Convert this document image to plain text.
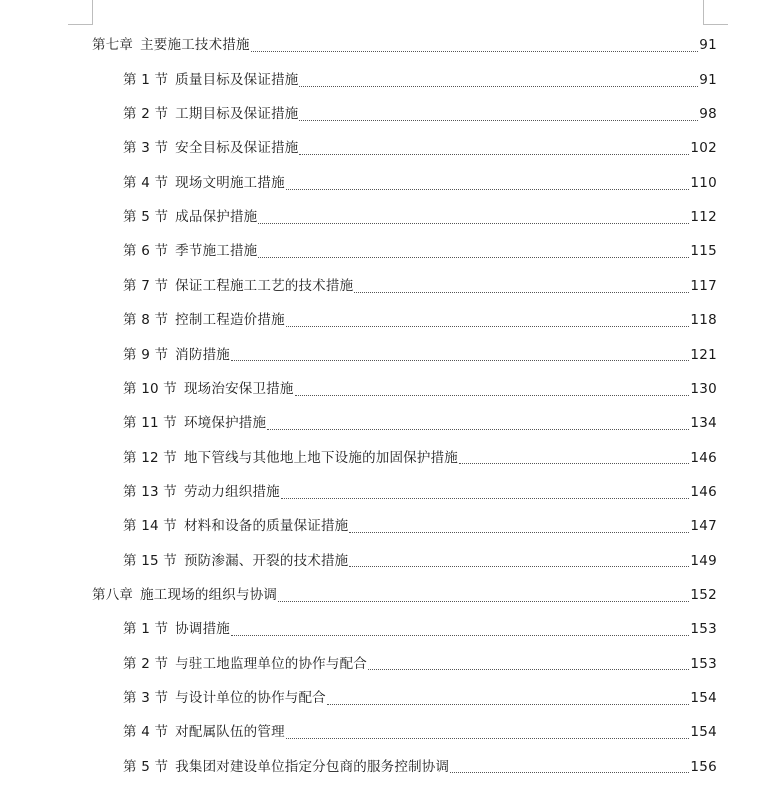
第七章 主要施工技术措施	91
第 1 节 质量目标及保证措施	91
第 2 节 工期目标及保证措施	98
第 3 节 安全目标及保证措施	102
第 4 节 现场文明施工措施	110
第 5 节 成品保护措施	112
第 6 节 季节施工措施	115
第 7 节 保证工程施工工艺的技术措施	117
第 8 节 控制工程造价措施	118
第 9 节 消防措施	121
第 10 节 现场治安保卫措施	130
第 11 节 环境保护措施	134
第 12 节 地下管线与其他地上地下设施的加固保护措施	146
第 13 节 劳动力组织措施	146
第 14 节 材料和设备的质量保证措施	147
第 15 节 预防渗漏、开裂的技术措施	149
第八章 施工现场的组织与协调	152
第 1 节 协调措施	153
第 2 节 与驻工地监理单位的协作与配合	153
第 3 节 与设计单位的协作与配合	154
第 4 节 对配属队伍的管理	154
第 5 节 我集团对建设单位指定分包商的服务控制协调	156
